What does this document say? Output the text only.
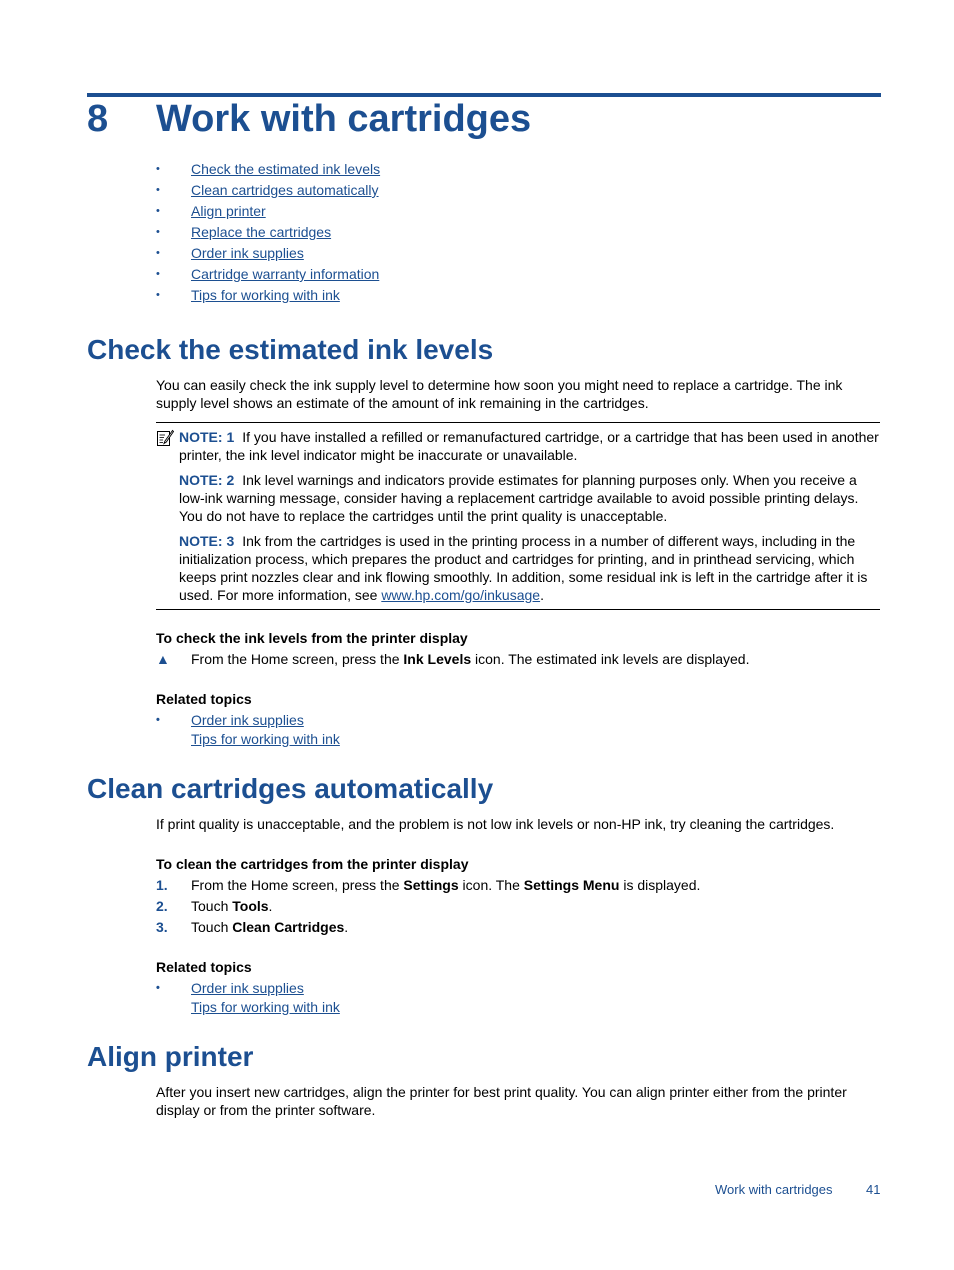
8 Work with cartridges
• Check the estimated ink levels
• Clean cartridges automatically
• Align printer
• Replace the cartridges
• Order ink supplies
• Cartridge warranty information
• Tips for working with ink
Check the estimated ink levels
You can easily check the ink supply level to determine how soon you might need to replace a cartridge. The ink supply level shows an estimate of the amount of ink remaining in the cartridges.
NOTE: 1 If you have installed a refilled or remanufactured cartridge, or a cartridge that has been used in another printer, the ink level indicator might be inaccurate or unavailable.
NOTE: 2 Ink level warnings and indicators provide estimates for planning purposes only. When you receive a low-ink warning message, consider having a replacement cartridge available to avoid possible printing delays. You do not have to replace the cartridges until the print quality is unacceptable.
NOTE: 3 Ink from the cartridges is used in the printing process in a number of different ways, including in the initialization process, which prepares the product and cartridges for printing, and in printhead servicing, which keeps print nozzles clear and ink flowing smoothly. In addition, some residual ink is left in the cartridge after it is used. For more information, see www.hp.com/go/inkusage.
To check the ink levels from the printer display
▲ From the Home screen, press the Ink Levels icon. The estimated ink levels are displayed.
Related topics
• Order ink supplies
Tips for working with ink
Clean cartridges automatically
If print quality is unacceptable, and the problem is not low ink levels or non-HP ink, try cleaning the cartridges.
To clean the cartridges from the printer display
1. From the Home screen, press the Settings icon. The Settings Menu is displayed.
2. Touch Tools.
3. Touch Clean Cartridges.
Related topics
• Order ink supplies
Tips for working with ink
Align printer
After you insert new cartridges, align the printer for best print quality. You can align printer either from the printer display or from the printer software.
Work with cartridges	41
